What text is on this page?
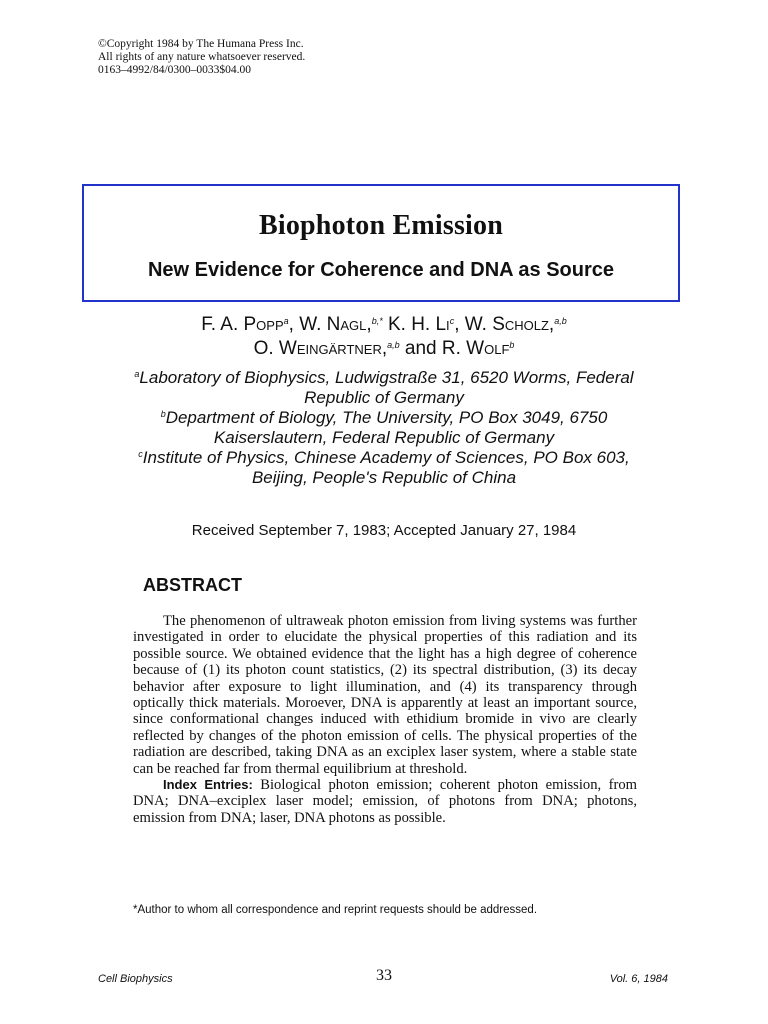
©Copyright 1984 by The Humana Press Inc.
All rights of any nature whatsoever reserved.
0163–4992/84/0300–0033$04.00
Biophoton Emission
New Evidence for Coherence and DNA as Source
F. A. Popp$^a$, W. Nagl,$^{b,*}$ K. H. Li$^c$, W. Scholz,$^{a,b}$
O. Weingärtner,$^{a,b}$ and R. Wolf$^b$
$^a$Laboratory of Biophysics, Ludwigstraße 31, 6520 Worms, Federal
Republic of Germany
$^b$Department of Biology, The University, PO Box 3049, 6750
Kaiserslautern, Federal Republic of Germany
$^c$Institute of Physics, Chinese Academy of Sciences, PO Box 603,
Beijing, People's Republic of China
Received September 7, 1983; Accepted January 27, 1984
ABSTRACT

The phenomenon of ultraweak photon emission from living systems was further investigated in order to elucidate the physical properties of this radiation and its possible source. We obtained evidence that the light has a high degree of coherence because of (1) its photon count statistics, (2) its spectral distribution, (3) its decay behavior after exposure to light illumination, and (4) its transparency through optically thick materials. Moroever, DNA is apparently at least an important source, since conformational changes induced with ethidium bromide in vivo are clearly reflected by changes of the photon emission of cells. The physical properties of the radiation are described, taking DNA as an exciplex laser system, where a stable state can be reached far from thermal equilibrium at threshold.

Index Entries: Biological photon emission; coherent photon emission, from DNA; DNA–exciplex laser model; emission, of photons from DNA; photons, emission from DNA; laser, DNA photons as possible.

*Author to whom all correspondence and reprint requests should be addressed.
Cell Biophysics	33	Vol. 6, 1984
